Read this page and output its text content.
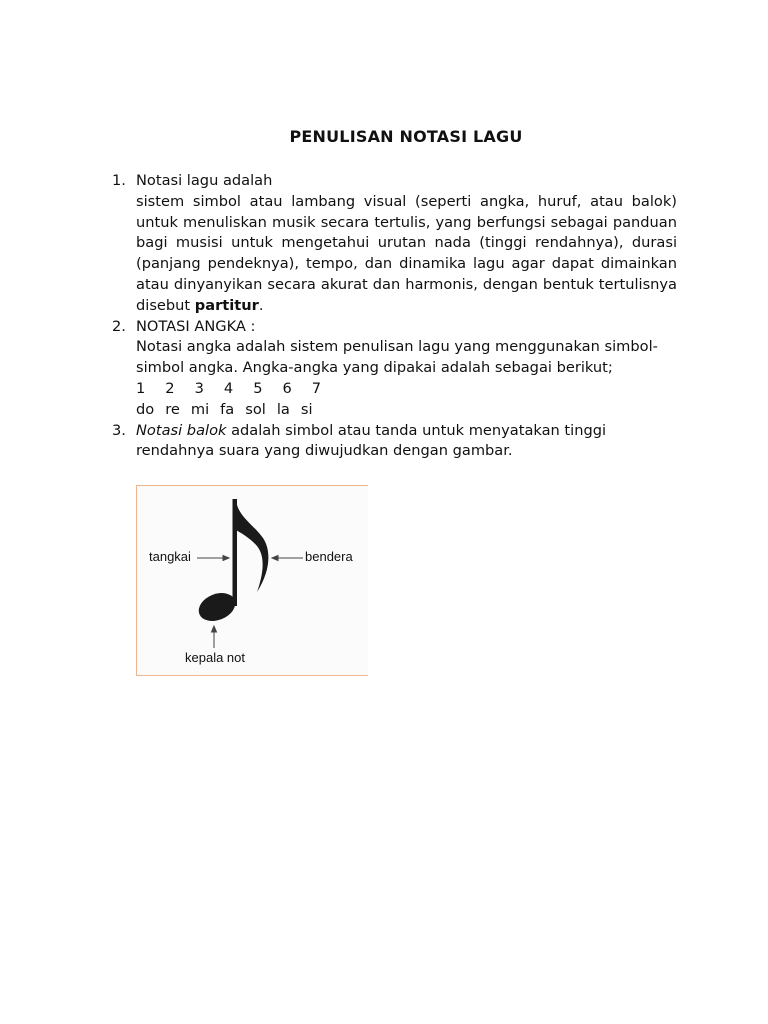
PENULISAN NOTASI LAGU
1. Notasi lagu adalah
sistem simbol atau lambang visual (seperti angka, huruf, atau balok) untuk menuliskan musik secara tertulis, yang berfungsi sebagai panduan bagi musisi untuk mengetahui urutan nada (tinggi rendahnya), durasi (panjang pendeknya), tempo, dan dinamika lagu agar dapat dimainkan atau dinyanyikan secara akurat dan harmonis, dengan bentuk tertulisnya disebut partitur.
2. NOTASI ANGKA :
Notasi angka adalah sistem penulisan lagu yang menggunakan simbol-simbol angka. Angka-angka yang dipakai adalah sebagai berikut;
1 2 3 4 5 6 7
do re mi fa sol la si
3. Notasi balok adalah simbol atau tanda untuk menyatakan tinggi rendahnya suara yang diwujudkan dengan gambar.
tangkai	bendera
kepala not
